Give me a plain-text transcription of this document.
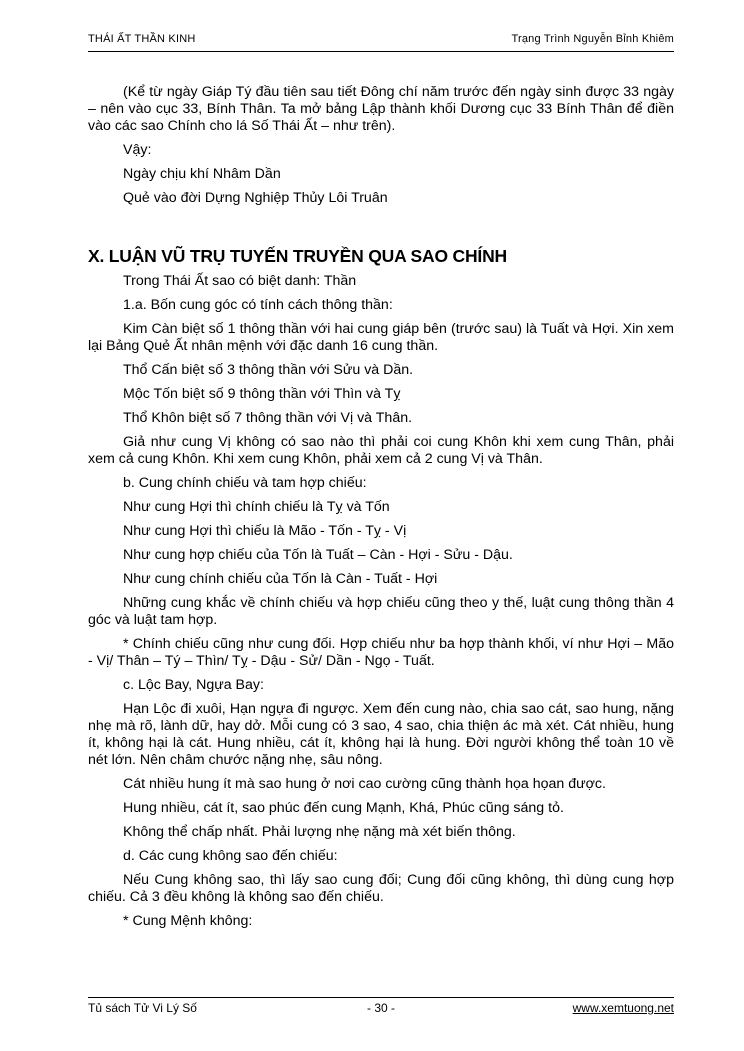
THÁI ẤT THẦN KINH	Trạng Trình Nguyễn Bỉnh Khiêm

(Kể từ ngày Giáp Tý đầu tiên sau tiết Đông chí năm trước đến ngày sinh được 33 ngày – nên vào cục 33, Bính Thân. Ta mở bảng Lập thành khối Dương cục 33 Bính Thân để điền vào các sao Chính cho lá Số Thái Ất – như trên).

Vậy:

Ngày chịu khí Nhâm Dần

Quẻ vào đời Dựng Nghiệp Thủy Lôi Truân

X. LUẬN VŨ TRỤ TUYẾN TRUYỀN QUA SAO CHÍNH

Trong Thái Ất sao có biệt danh: Thần

1.a. Bốn cung góc có tính cách thông thần:

Kim Càn biệt số 1 thông thần với hai cung giáp bên (trước sau) là Tuất và Hợi. Xin xem lại Bảng Quẻ Ất nhân mệnh với đặc danh 16 cung thần.

Thổ Cấn biệt số 3 thông thần với Sửu và Dần.

Mộc Tốn biệt số 9 thông thần với Thìn và Tỵ

Thổ Khôn biệt số 7 thông thần với Vị và Thân.

Giả như cung Vị không có sao nào thì phải coi cung Khôn khi xem cung Thân, phải xem cả cung Khôn. Khi xem cung Khôn, phải xem cả 2 cung Vị và Thân.

b. Cung chính chiếu và tam hợp chiếu:

Như cung Hợi thì chính chiếu là Tỵ và Tốn

Như cung Hợi thì chiếu là Mão - Tốn - Tỵ - Vị

Như cung hợp chiếu của Tốn là Tuất – Càn - Hợi - Sửu - Dậu.

Như cung chính chiếu của Tốn là Càn - Tuất - Hợi

Những cung khắc về chính chiếu và hợp chiếu cũng theo y thế, luật cung thông thần 4 góc và luật tam hợp.

* Chính chiếu cũng như cung đối. Hợp chiếu như ba hợp thành khối, ví như Hợi – Mão - Vị/ Thân – Tý – Thìn/ Tỵ - Dậu - Sử/ Dần - Ngọ - Tuất.

c. Lộc Bay, Ngựa Bay:

Hạn Lộc đi xuôi, Hạn ngựa đi ngược. Xem đến cung nào, chia sao cát, sao hung, nặng nhẹ mà rõ, lành dữ, hay dở. Mỗi cung có 3 sao, 4 sao, chia thiện ác mà xét. Cát nhiều, hung ít, không hại là cát. Hung nhiều, cát ít, không hại là hung. Đời người không thể toàn 10 về nét lớn. Nên châm chước nặng nhẹ, sâu nông.

Cát nhiều hung ít mà sao hung ở nơi cao cường cũng thành họa họan được.

Hung nhiều, cát ít, sao phúc đến cung Mạnh, Khá, Phúc cũng sáng tỏ.

Không thể chấp nhất. Phải lượng nhẹ nặng mà xét biến thông.

d. Các cung không sao đến chiếu:

Nếu Cung không sao, thì lấy sao cung đối; Cung đối cũng không, thì dùng cung hợp chiếu. Cả 3 đều không là không sao đến chiếu.

* Cung Mệnh không:

Tủ sách Tử Vi Lý Số	- 30 -	www.xemtuong.net
